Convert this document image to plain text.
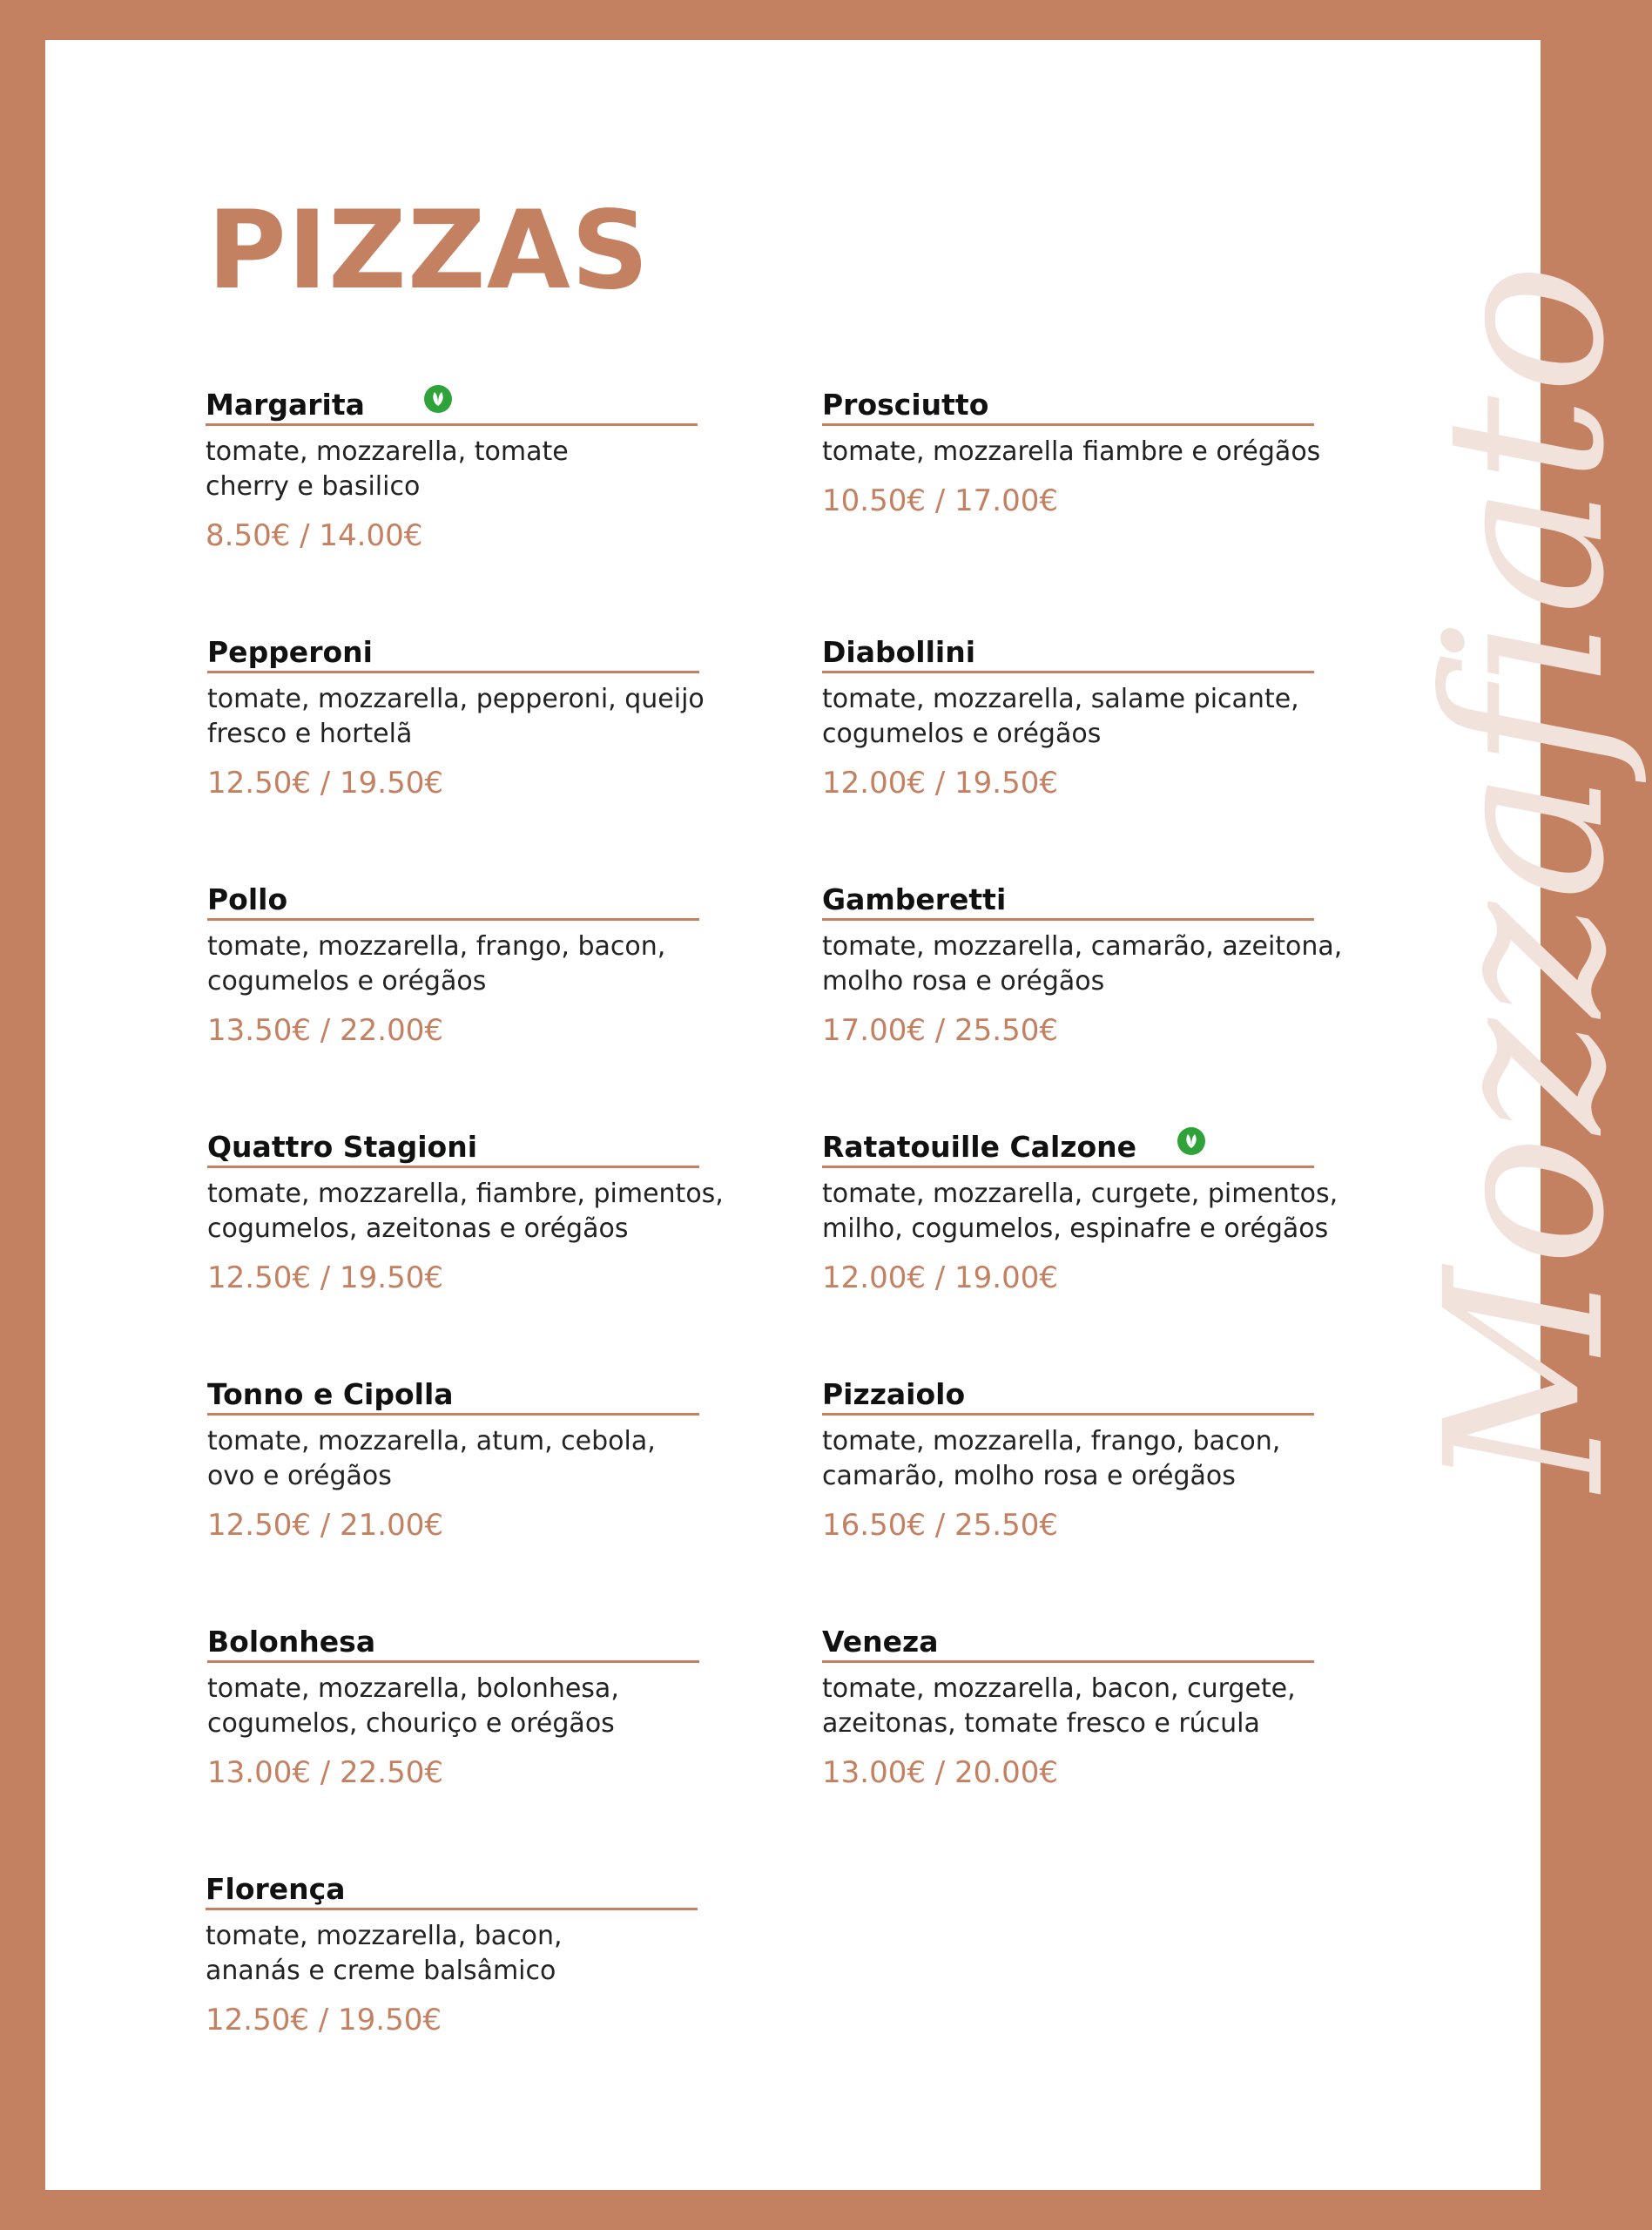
Mozzafiato
PIZZAS
Margarita
tomate, mozzarella, tomate
cherry e basilico
8.50€ / 14.00€
Pepperoni
tomate, mozzarella, pepperoni, queijo
fresco e hortelã
12.50€ / 19.50€
Pollo
tomate, mozzarella, frango, bacon,
cogumelos e orégãos
13.50€ / 22.00€
Quattro Stagioni
tomate, mozzarella, fiambre, pimentos,
cogumelos, azeitonas e orégãos
12.50€ / 19.50€
Tonno e Cipolla
tomate, mozzarella, atum, cebola,
ovo e orégãos
12.50€ / 21.00€
Bolonhesa
tomate, mozzarella, bolonhesa,
cogumelos, chouriço e orégãos
13.00€ / 22.50€
Florença
tomate, mozzarella, bacon,
ananás e creme balsâmico
12.50€ / 19.50€
Prosciutto
tomate, mozzarella fiambre e orégãos
10.50€ / 17.00€
Diabollini
tomate, mozzarella, salame picante,
cogumelos e orégãos
12.00€ / 19.50€
Gamberetti
tomate, mozzarella, camarão, azeitona,
molho rosa e orégãos
17.00€ / 25.50€
Ratatouille Calzone
tomate, mozzarella, curgete, pimentos,
milho, cogumelos, espinafre e orégãos
12.00€ / 19.00€
Pizzaiolo
tomate, mozzarella, frango, bacon,
camarão, molho rosa e orégãos
16.50€ / 25.50€
Veneza
tomate, mozzarella, bacon, curgete,
azeitonas, tomate fresco e rúcula
13.00€ / 20.00€
